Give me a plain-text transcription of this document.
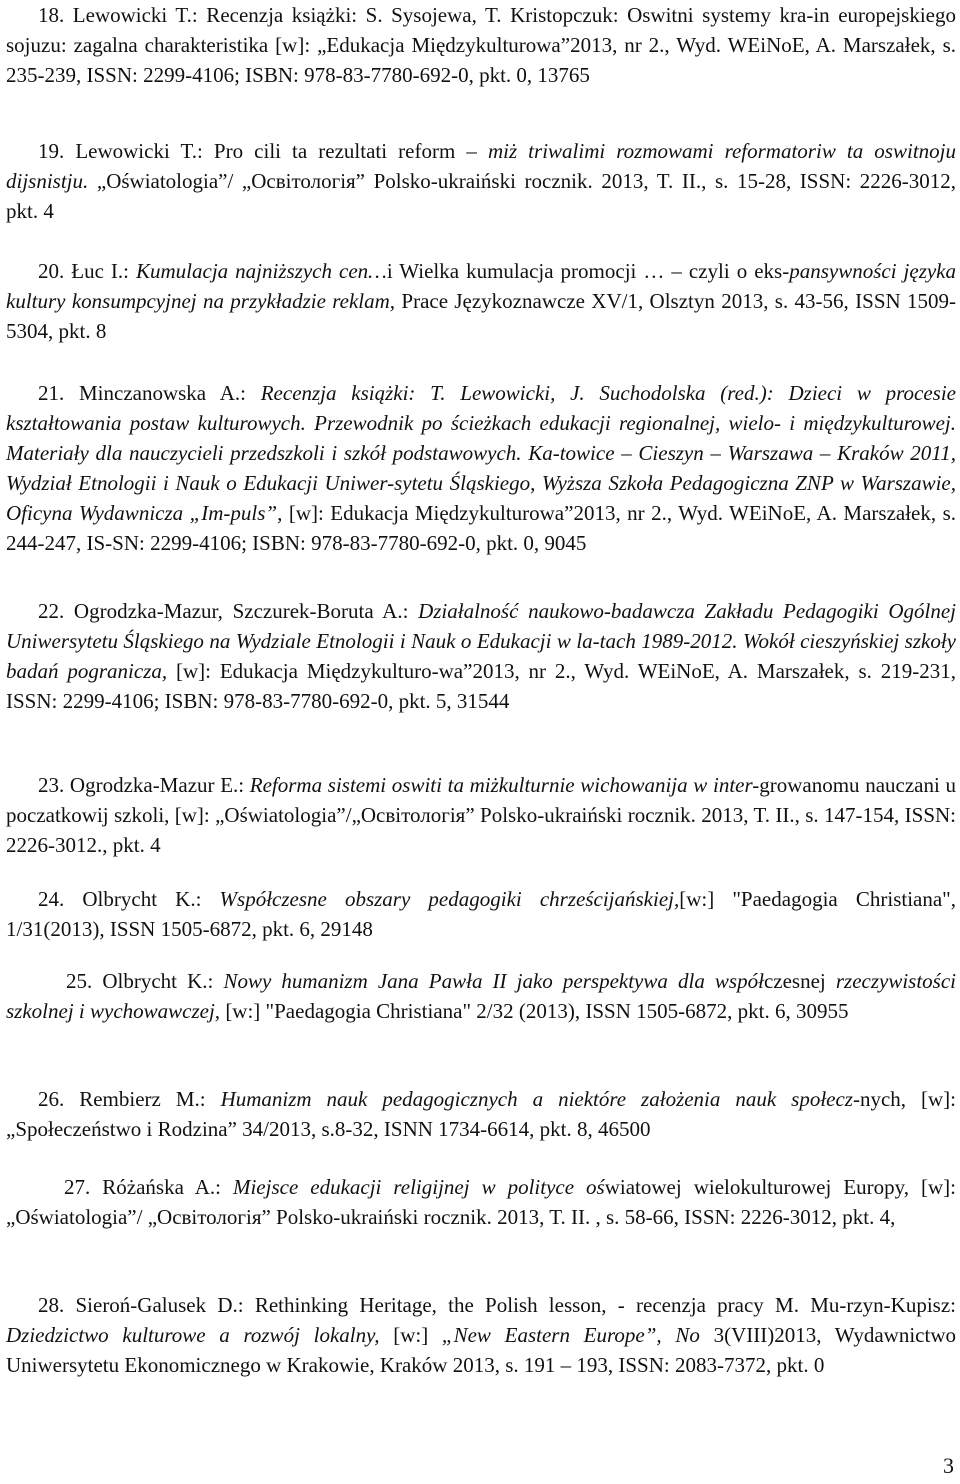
18. Lewowicki T.: Recenzja książki: S. Sysojewa, T. Kristopczuk: Oswitni systemy kra-in europejskiego sojuzu: zagalna charakteristika [w]: „Edukacja Międzykulturowa”2013, nr 2., Wyd. WEiNoE, A. Marszałek, s. 235-239, ISSN: 2299-4106; ISBN: 978-83-7780-692-0, pkt. 0, 13765

19. Lewowicki T.: Pro cili ta rezultati reform – miż triwalimi rozmowami reformatoriw ta oswitnoju dijsnistju. „Oświatologia”/ „Освітологія” Polsko-ukraiński rocznik. 2013, T. II., s. 15-28, ISSN: 2226-3012, pkt. 4

20. Łuc I.: Kumulacja najniższych cen…i Wielka kumulacja promocji … – czyli o eks-pansywności języka kultury konsumpcyjnej na przykładzie reklam, Prace Językoznawcze XV/1, Olsztyn 2013, s. 43-56, ISSN 1509-5304, pkt. 8

21. Minczanowska A.: Recenzja książki: T. Lewowicki, J. Suchodolska (red.): Dzieci w procesie kształtowania postaw kulturowych. Przewodnik po ścieżkach edukacji regionalnej, wielo- i międzykulturowej. Materiały dla nauczycieli przedszkoli i szkół podstawowych. Ka-towice – Cieszyn – Warszawa – Kraków 2011, Wydział Etnologii i Nauk o Edukacji Uniwer-sytetu Śląskiego, Wyższa Szkoła Pedagogiczna ZNP w Warszawie, Oficyna Wydawnicza „Im-puls”, [w]: Edukacja Międzykulturowa”2013, nr 2., Wyd. WEiNoE, A. Marszałek, s. 244-247, IS-SN: 2299-4106; ISBN: 978-83-7780-692-0, pkt. 0, 9045

22. Ogrodzka-Mazur, Szczurek-Boruta A.: Działalność naukowo-badawcza Zakładu Pedagogiki Ogólnej Uniwersytetu Śląskiego na Wydziale Etnologii i Nauk o Edukacji w la-tach 1989-2012. Wokół cieszyńskiej szkoły badań pogranicza, [w]: Edukacja Międzykulturo-wa”2013, nr 2., Wyd. WEiNoE, A. Marszałek, s. 219-231, ISSN: 2299-4106; ISBN: 978-83-7780-692-0, pkt. 5, 31544

23. Ogrodzka-Mazur E.: Reforma sistemi oswiti ta miżkulturnie wichowanija w inter-growanomu nauczani u poczatkowij szkoli, [w]: „Oświatologia”/„Освітологія” Polsko-ukraiński rocznik. 2013, T. II., s. 147-154, ISSN: 2226-3012., pkt. 4

24. Olbrycht K.: Współczesne obszary pedagogiki chrześcijańskiej,[w:] "Paedagogia Christiana", 1/31(2013), ISSN 1505-6872, pkt. 6, 29148

25. Olbrycht K.: Nowy humanizm Jana Pawła II jako perspektywa dla współczesnej rzeczywistości szkolnej i wychowawczej, [w:] "Paedagogia Christiana" 2/32 (2013), ISSN 1505-6872, pkt. 6, 30955

26. Rembierz M.: Humanizm nauk pedagogicznych a niektóre założenia nauk społecz-nych, [w]: „Społeczeństwo i Rodzina” 34/2013, s.8-32, ISNN 1734-6614, pkt. 8, 46500

27. Różańska A.: Miejsce edukacji religijnej w polityce oświatowej wielokulturowej Europy, [w]: „Oświatologia”/ „Освітологія” Polsko-ukraiński rocznik. 2013, T. II. , s. 58-66, ISSN: 2226-3012, pkt. 4,

28. Sieroń-Galusek D.: Rethinking Heritage, the Polish lesson, - recenzja pracy M. Mu-rzyn-Kupisz: Dziedzictwo kulturowe a rozwój lokalny, [w:] „New Eastern Europe”, No 3(VIII)2013, Wydawnictwo Uniwersytetu Ekonomicznego w Krakowie, Kraków 2013, s. 191 – 193, ISSN: 2083-7372, pkt. 0

3
